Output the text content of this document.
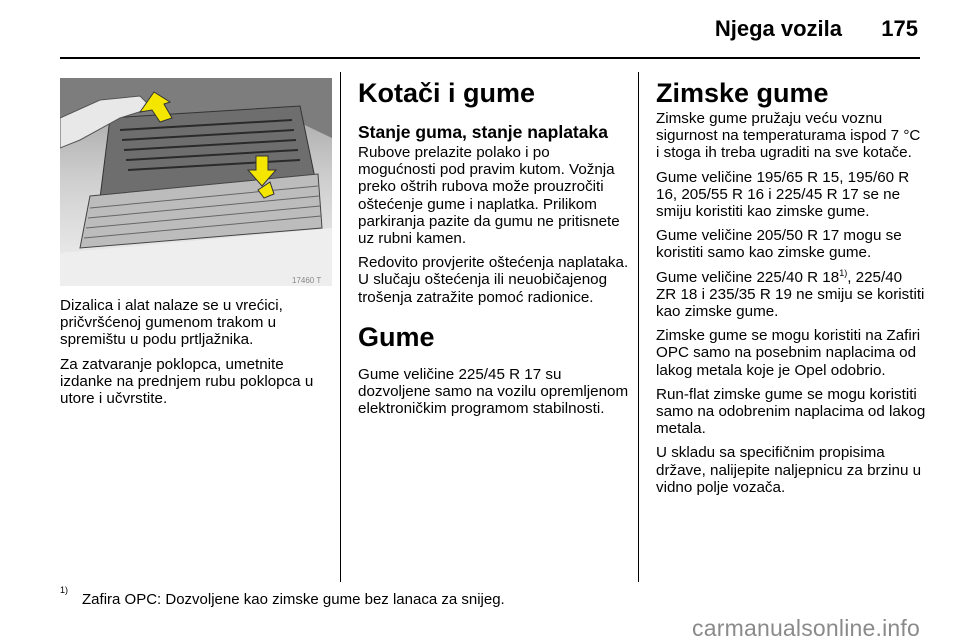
Njega vozila 175
17460 T

Dizalica i alat nalaze se u vrećici, pričvršćenoj gumenom trakom u spremištu u podu prtljažnika.

Za zatvaranje poklopca, umetnite izdanke na prednjem rubu poklopca u utore i učvrstite.

Kotači i gume
Stanje guma, stanje naplataka

Rubove prelazite polako i po mogućnosti pod pravim kutom. Vožnja preko oštrih rubova može prouzročiti oštećenje gume i naplatka. Prilikom parkiranja pazite da gumu ne pritisnete uz rubni kamen.

Redovito provjerite oštećenja naplataka. U slučaju oštećenja ili neuobičajenog trošenja zatražite pomoć radionice.

Gume

Gume veličine 225/45 R 17 su dozvoljene samo na vozilu opremljenom elektroničkim programom stabilnosti.

Zimske gume

Zimske gume pružaju veću voznu sigurnost na temperaturama ispod 7 °C i stoga ih treba ugraditi na sve kotače.

Gume veličine 195/65 R 15, 195/60 R 16, 205/55 R 16 i 225/45 R 17 se ne smiju koristiti kao zimske gume.

Gume veličine 205/50 R 17 mogu se koristiti samo kao zimske gume.

Gume veličine 225/40 R 18$^{1)}$, 225/40 ZR 18 i 235/35 R 19 ne smiju se koristiti kao zimske gume.

Zimske gume se mogu koristiti na Zafiri OPC samo na posebnim naplacima od lakog metala koje je Opel odobrio.

Run-flat zimske gume se mogu koristiti samo na odobrenim naplacima od lakog metala.

U skladu sa specifičnim propisima države, nalijepite naljepnicu za brzinu u vidno polje vozača.

$^{1)}$Zafira OPC: Dozvoljene kao zimske gume bez lanaca za snijeg.
carmanualsonline.info
